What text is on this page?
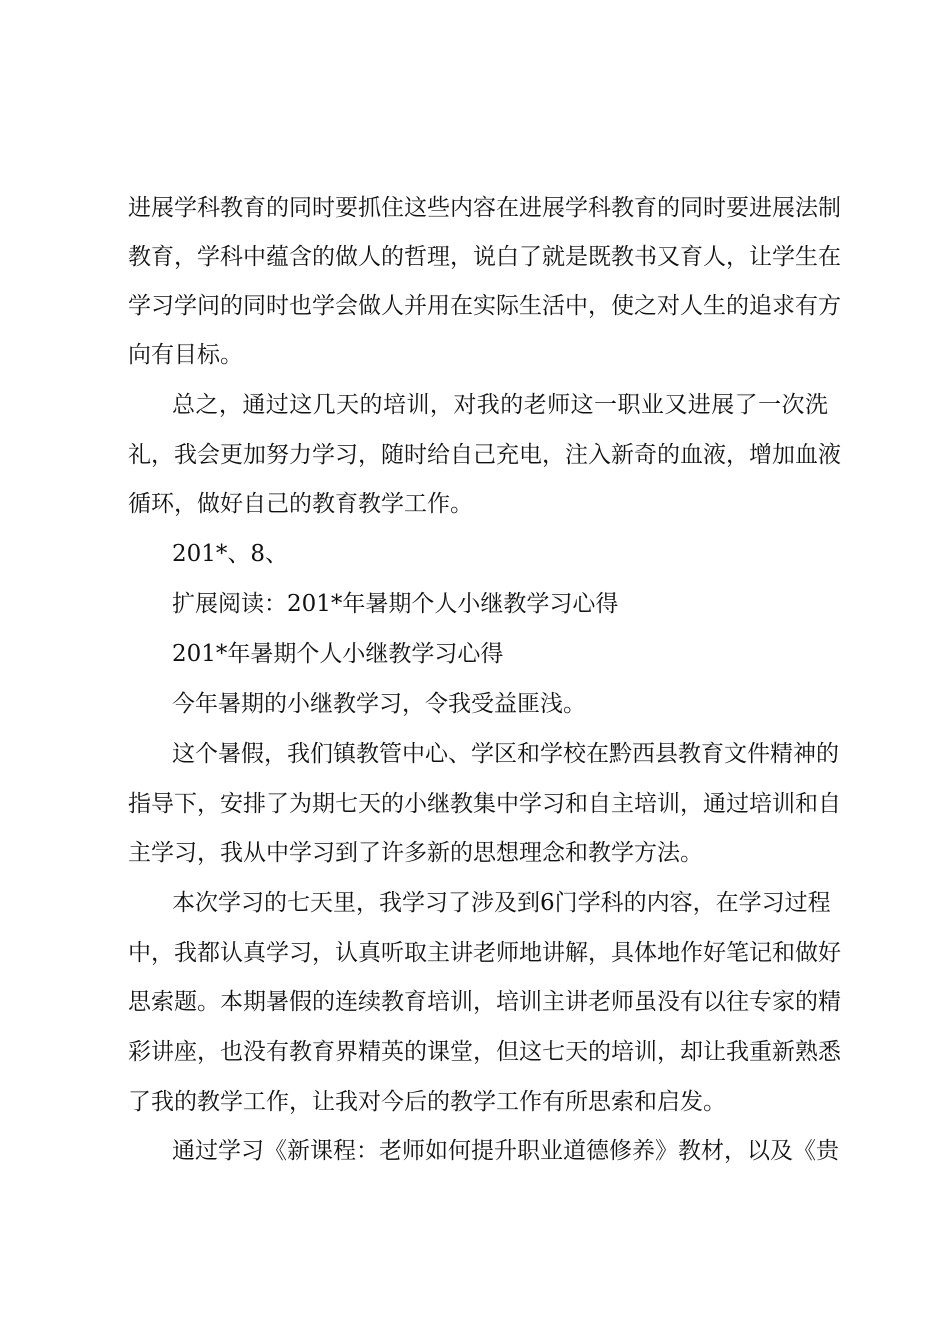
进展学科教育的同时要抓住这些内容在进展学科教育的同时要进展法制
教育，学科中蕴含的做人的哲理，说白了就是既教书又育人，让学生在
学习学问的同时也学会做人并用在实际生活中，使之对人生的追求有方
向有目标。
总之，通过这几天的培训，对我的老师这一职业又进展了一次洗
礼，我会更加努力学习，随时给自己充电，注入新奇的血液，增加血液
循环，做好自己的教育教学工作。
201*、8、
扩展阅读：201*年暑期个人小继教学习心得
201*年暑期个人小继教学习心得
今年暑期的小继教学习，令我受益匪浅。
这个暑假，我们镇教管中心、学区和学校在黔西县教育文件精神的
指导下，安排了为期七天的小继教集中学习和自主培训，通过培训和自
主学习，我从中学习到了许多新的思想理念和教学方法。
本次学习的七天里，我学习了涉及到6门学科的内容，在学习过程
中，我都认真学习，认真听取主讲老师地讲解，具体地作好笔记和做好
思索题。本期暑假的连续教育培训，培训主讲老师虽没有以往专家的精
彩讲座，也没有教育界精英的课堂，但这七天的培训，却让我重新熟悉
了我的教学工作，让我对今后的教学工作有所思索和启发。
通过学习《新课程：老师如何提升职业道德修养》教材，以及《贵
